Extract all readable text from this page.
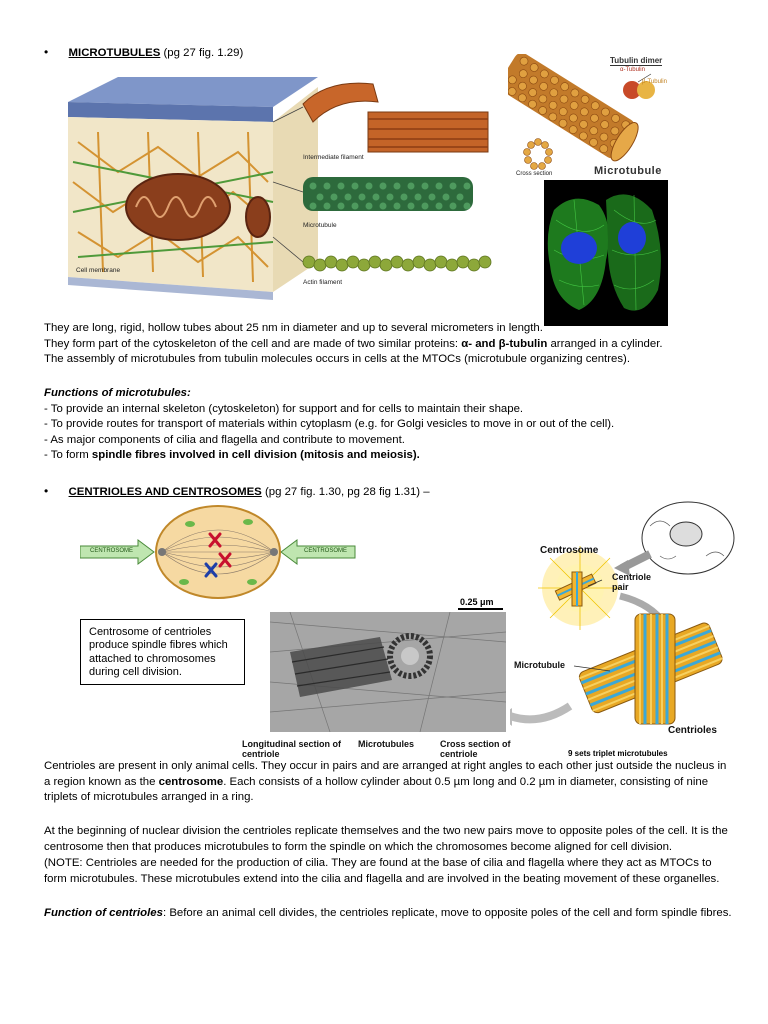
• MICROTUBULES (pg 27 fig. 1.29)
Intermediate filament
Microtubule
Cell membrane
Actin filament
Tubulin dimer
α-Tubulin
β-Tubulin
Cross section	Microtubule
They are long, rigid, hollow tubes about 25 nm in diameter and up to several micrometers in length.
They form part of the cytoskeleton of the cell and are made of two similar proteins: α- and β-tubulin arranged in a cylinder.
The assembly of microtubules from tubulin molecules occurs in cells at the MTOCs (microtubule organizing centres).
Functions of microtubules:
- To provide an internal skeleton (cytoskeleton) for support and for cells to maintain their shape.
- To provide routes for transport of materials within cytoplasm (e.g. for Golgi vesicles to move in or out of the cell).
- As major components of cilia and flagella and contribute to movement.
- To form spindle fibres involved in cell division (mitosis and meiosis).
• CENTRIOLES AND CENTROSOMES (pg 27 fig. 1.30, pg 28 fig 1.31) –
CENTROSOME	CENTROSOME
Centrosome of centrioles produce spindle fibres which attached to chromosomes during cell division.
0.25 μm
Longitudinal section of centriole
Microtubules	Cross section of centriole
Centrosome
Centriole pair
Microtubule
Centrioles
9 sets triplet microtubules
Centrioles are present in only animal cells. They occur in pairs and are arranged at right angles to each other just outside the nucleus in a region known as the centrosome. Each consists of a hollow cylinder about 0.5 µm long and 0.2 µm in diameter, consisting of nine triplets of microtubules arranged in a ring.
At the beginning of nuclear division the centrioles replicate themselves and the two new pairs move to opposite poles of the cell. It is the centrosome then that produces microtubules to form the spindle on which the chromosomes become aligned for cell division.
(NOTE: Centrioles are needed for the production of cilia. They are found at the base of cilia and flagella where they act as MTOCs to form microtubules. These microtubules extend into the cilia and flagella and are involved in the beating movement of these organelles.
Function of centrioles: Before an animal cell divides, the centrioles replicate, move to opposite poles of the cell and form spindle fibres.
